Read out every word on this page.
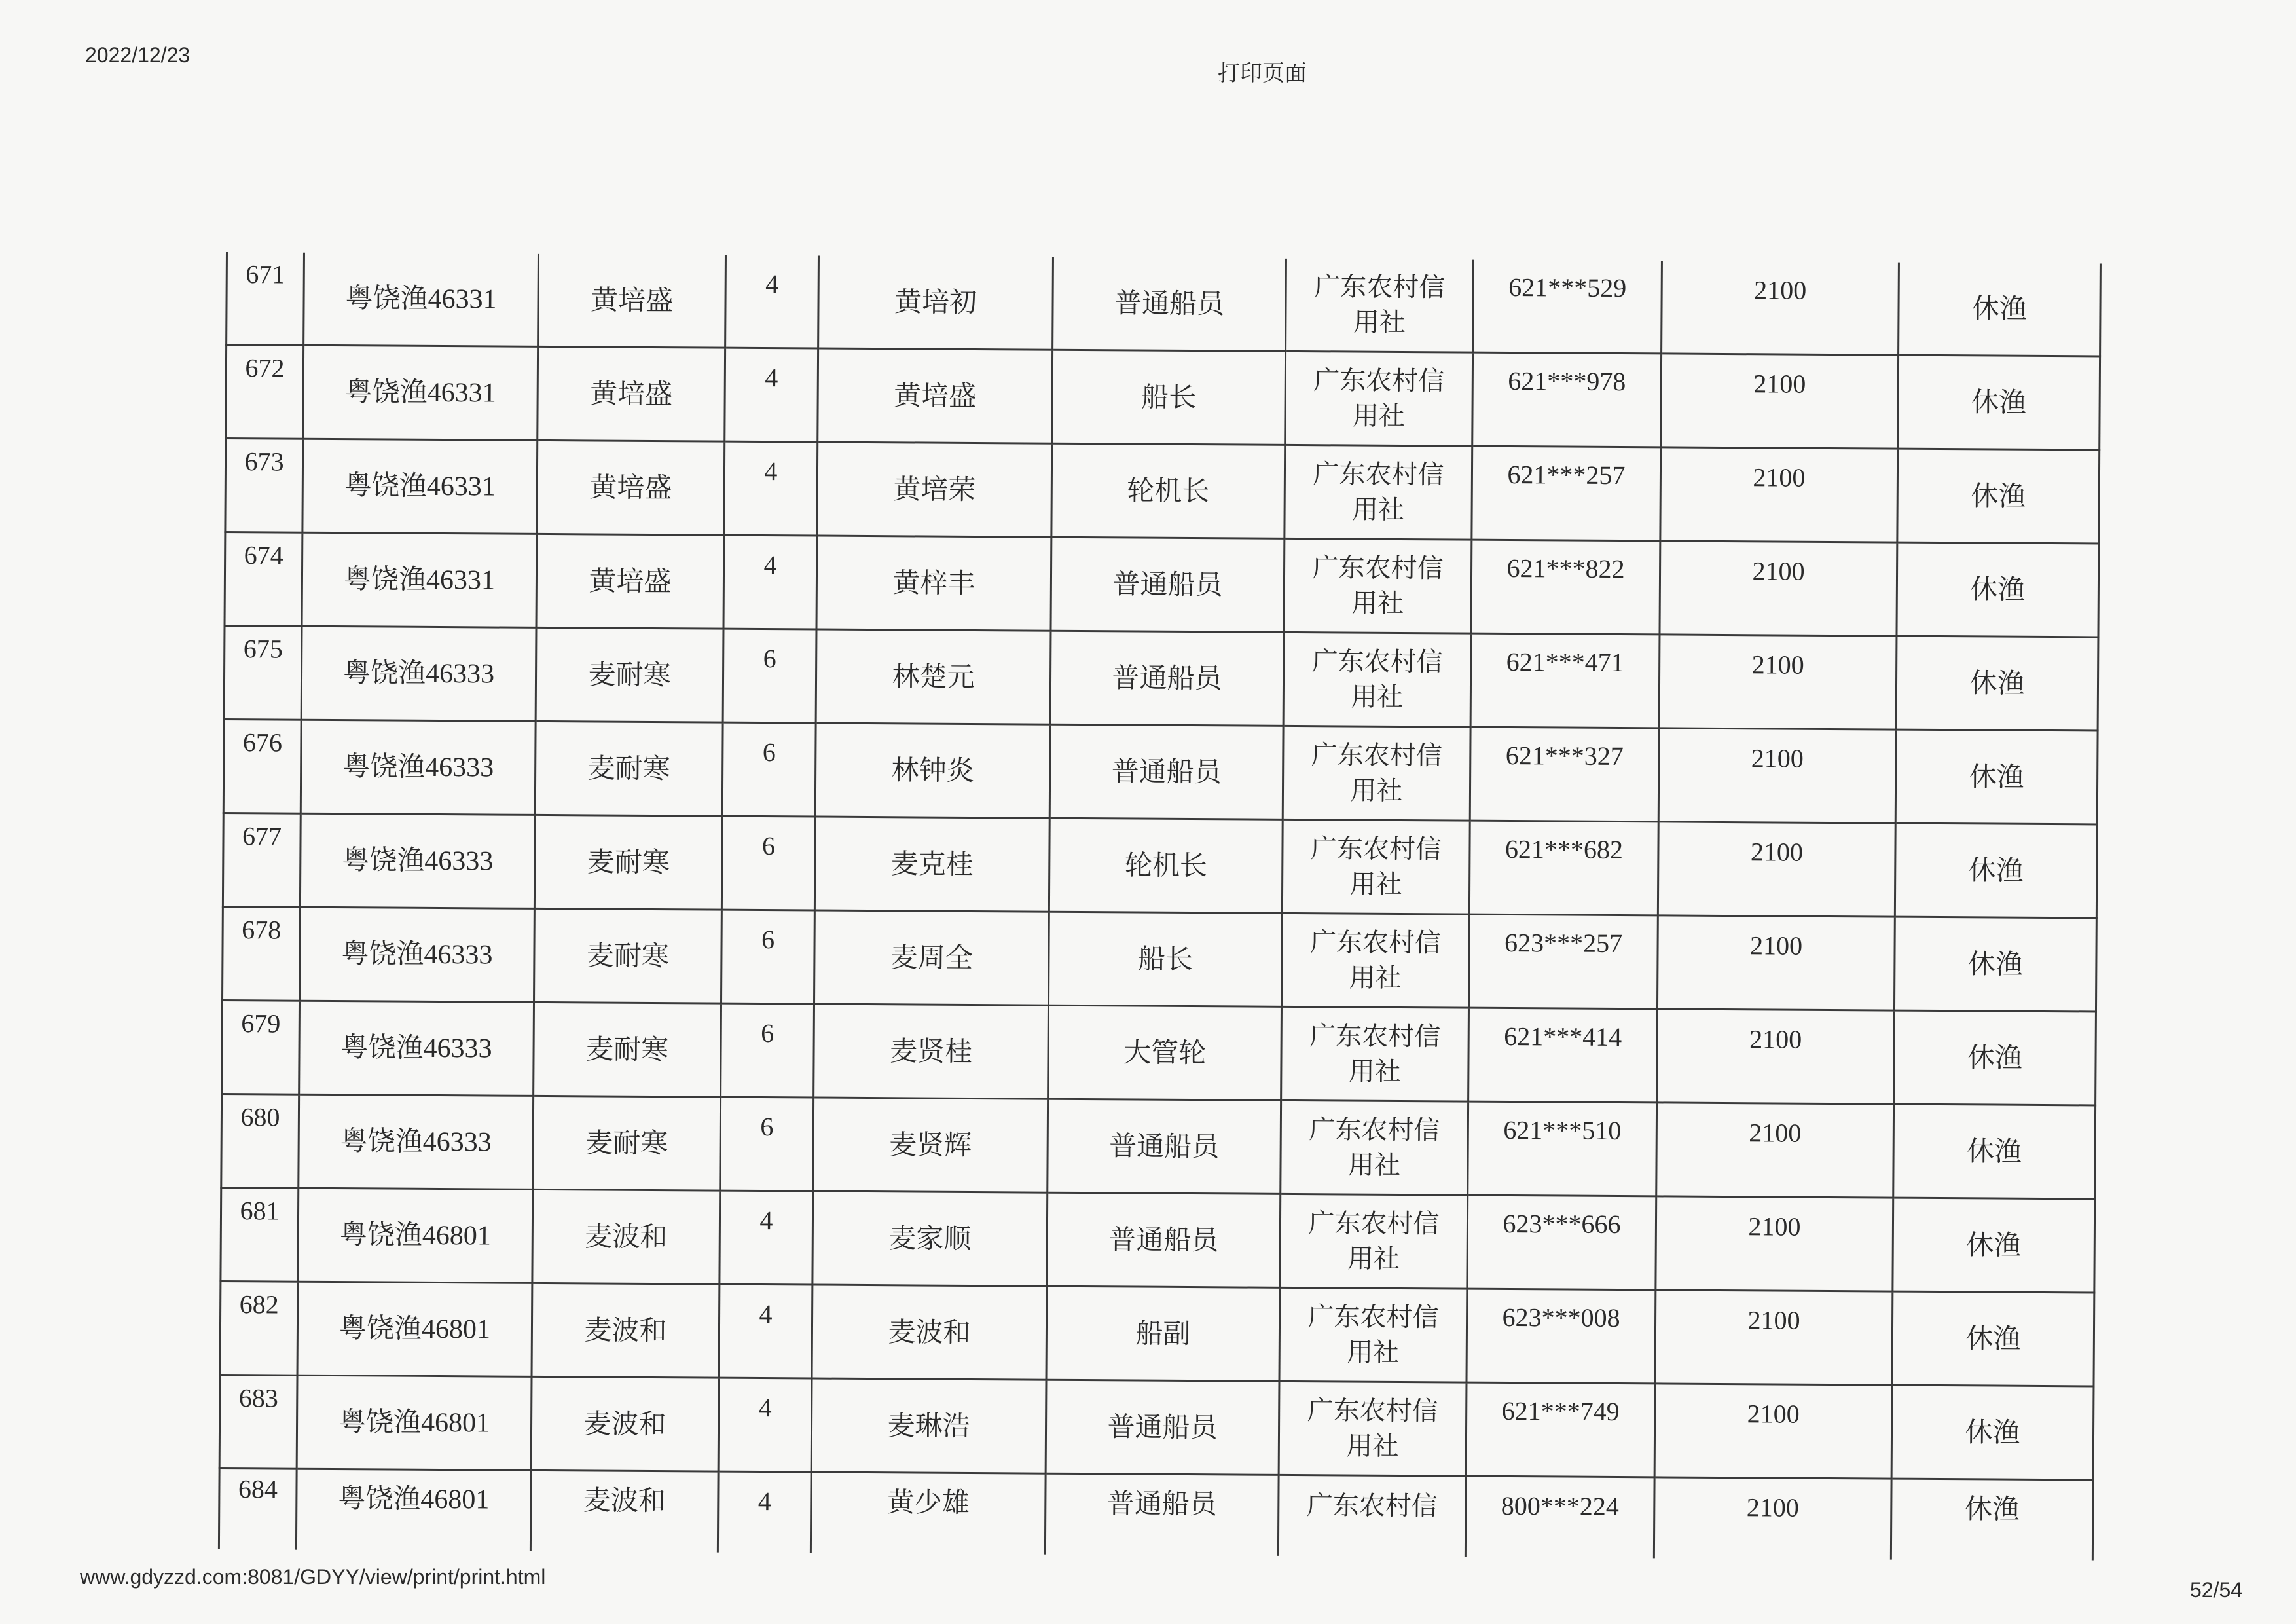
2022/12/23
打印页面
671	粤饶渔46331	黄培盛	4	黄培初	普通船员	广东农村信
用社	621***529	2100	休渔

672	粤饶渔46331	黄培盛	4	黄培盛	船长	广东农村信
用社	621***978	2100	休渔

673	粤饶渔46331	黄培盛	4	黄培荣	轮机长	广东农村信
用社	621***257	2100	休渔

674	粤饶渔46331	黄培盛	4	黄梓丰	普通船员	广东农村信
用社	621***822	2100	休渔

675	粤饶渔46333	麦耐寒	6	林楚元	普通船员	广东农村信
用社	621***471	2100	休渔

676	粤饶渔46333	麦耐寒	6	林钟炎	普通船员	广东农村信
用社	621***327	2100	休渔

677	粤饶渔46333	麦耐寒	6	麦克桂	轮机长	广东农村信
用社	621***682	2100	休渔

678	粤饶渔46333	麦耐寒	6	麦周全	船长	广东农村信
用社	623***257	2100	休渔

679	粤饶渔46333	麦耐寒	6	麦贤桂	大管轮	广东农村信
用社	621***414	2100	休渔

680	粤饶渔46333	麦耐寒	6	麦贤辉	普通船员	广东农村信
用社	621***510	2100	休渔

681	粤饶渔46801	麦波和	4	麦家顺	普通船员	广东农村信
用社	623***666	2100	休渔

682	粤饶渔46801	麦波和	4	麦波和	船副	广东农村信
用社	623***008	2100	休渔

683	粤饶渔46801	麦波和	4	麦琳浩	普通船员	广东农村信
用社	621***749	2100	休渔

684	粤饶渔46801	麦波和	4	黄少雄	普通船员	广东农村信	800***224	2100	休渔
www.gdyzzd.com:8081/GDYY/view/print/print.html
52/54
